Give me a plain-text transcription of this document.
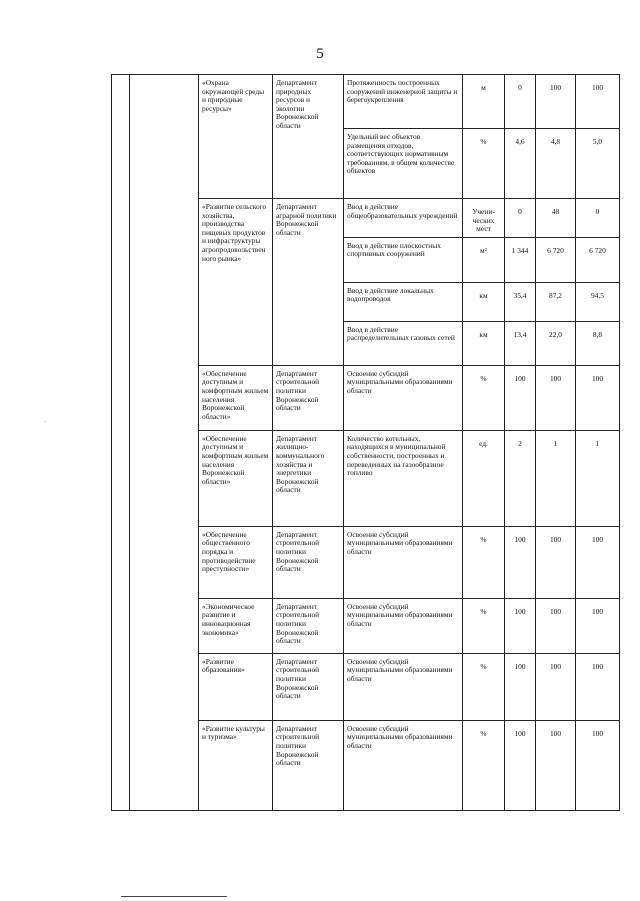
5
·
		«Охрана окружающей среды и природные ресурсы»	Департамент природных ресурсов и экологии Воронежской области	Протяженность построенных сооружений инженерной защиты и берегоукрепления	м	0	100	100
				Удельный вес объектов размещения отходов, соответствующих нормативным требованиям, в общем количестве объектов	%	4,6	4,8	5,0
		«Развитие сельского хозяйства, производства пищевых продуктов и инфраструктуры агропродовольственного рынка»	Департамент аграрной политики Воронежской области	Ввод в действие общеобразовательных учреждений	Учени-ческих мест	0	48	0
				Ввод в действие плоскостных спортивных сооружений	м²	1 344	6 720	6 720
				Ввод в действие локальных водопроводов	км	35,4	87,2	94,5
				Ввод в действие распределительных газовых сетей	км	13,4	22,0	8,8
		«Обеспечение доступным и комфортным жильем населения Воронежской области»	Департамент строительной политики Воронежской области	Освоение субсидий муниципальными образованиями области	%	100	100	100
		«Обеспечение доступным и комфортным жильем населения Воронежской области»	Департамент жилищно-коммунального хозяйства и энергетики Воронежской области	Количество котельных, находящихся в муниципальной собственности, построенных и переведенных на газообразное топливо	ед.	2	1	1
		«Обеспечение общественного порядка и противодействие преступности»	Департамент строительной политики Воронежской области	Освоение субсидий муниципальными образованиями области	%	100	100	100
		«Экономическое развитие и инновационная экономика»	Департамент строительной политики Воронежской области	Освоение субсидий муниципальными образованиями области	%	100	100	100
		«Развитие образования»	Департамент строительной политики Воронежской области	Освоение субсидий муниципальными образованиями области	%	100	100	100
		«Развитие культуры и туризма»	Департамент строительной политики Воронежской области	Освоение субсидий муниципальными образованиями области	%	100	100	100
